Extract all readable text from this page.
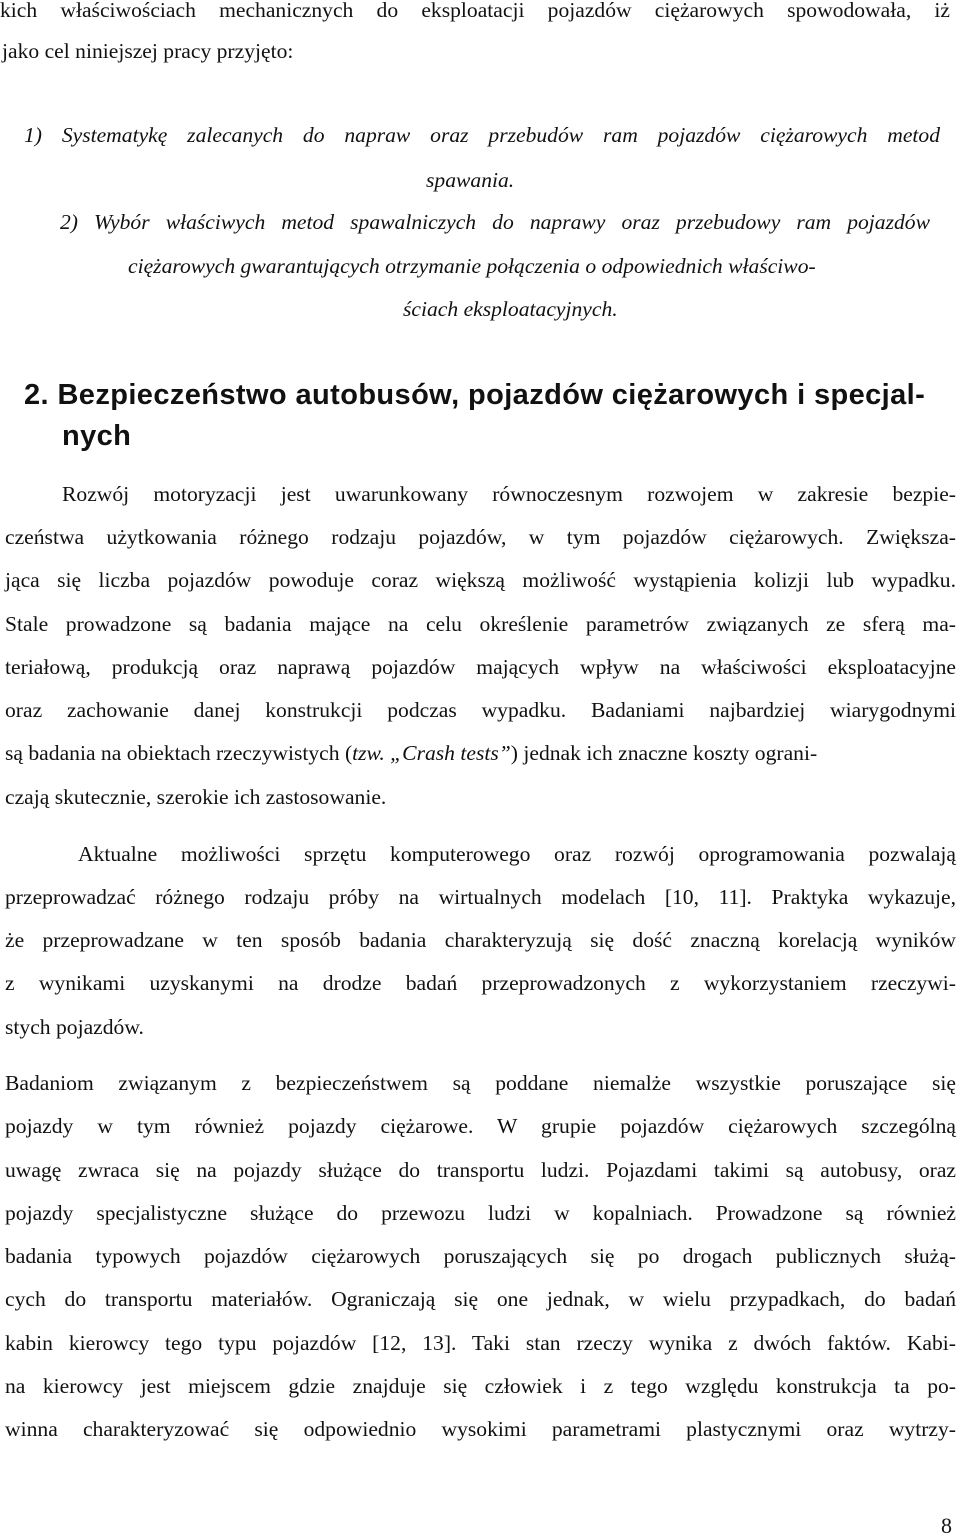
kich właściwościach mechanicznych do eksploatacji pojazdów ciężarowych spowodowała, iż
jako cel niniejszej pracy przyjęto:
1) Systematykę zalecanych do napraw oraz przebudów ram pojazdów ciężarowych metod
spawania.
2) Wybór właściwych metod spawalniczych do naprawy oraz przebudowy ram pojazdów
ciężarowych gwarantujących otrzymanie połączenia o odpowiednich właściwo-
ściach eksploatacyjnych.
2. Bezpieczeństwo autobusów, pojazdów ciężarowych i specjal-
nych
Rozwój motoryzacji jest uwarunkowany równoczesnym rozwojem w zakresie bezpie-
czeństwa użytkowania różnego rodzaju pojazdów, w tym pojazdów ciężarowych. Zwiększa-
jąca się liczba pojazdów powoduje coraz większą możliwość wystąpienia kolizji lub wypadku.
Stale prowadzone są badania mające na celu określenie parametrów związanych ze sferą ma-
teriałową, produkcją oraz naprawą pojazdów mających wpływ na właściwości eksploatacyjne
oraz zachowanie danej konstrukcji podczas wypadku. Badaniami najbardziej wiarygodnymi
są badania na obiektach rzeczywistych (tzw. „Crash tests”) jednak ich znaczne koszty ograni-
czają skutecznie, szerokie ich zastosowanie.
Aktualne możliwości sprzętu komputerowego oraz rozwój oprogramowania pozwalają
przeprowadzać różnego rodzaju próby na wirtualnych modelach [10, 11]. Praktyka wykazuje,
że przeprowadzane w ten sposób badania charakteryzują się dość znaczną korelacją wyników
z wynikami uzyskanymi na drodze badań przeprowadzonych z wykorzystaniem rzeczywi-
stych pojazdów.
Badaniom związanym z bezpieczeństwem są poddane niemalże wszystkie poruszające się
pojazdy w tym również pojazdy ciężarowe. W grupie pojazdów ciężarowych szczególną
uwagę zwraca się na pojazdy służące do transportu ludzi. Pojazdami takimi są autobusy, oraz
pojazdy specjalistyczne służące do przewozu ludzi w kopalniach. Prowadzone są również
badania typowych pojazdów ciężarowych poruszających się po drogach publicznych służą-
cych do transportu materiałów. Ograniczają się one jednak, w wielu przypadkach, do badań
kabin kierowcy tego typu pojazdów [12, 13]. Taki stan rzeczy wynika z dwóch faktów. Kabi-
na kierowcy jest miejscem gdzie znajduje się człowiek i z tego względu konstrukcja ta po-
winna charakteryzować się odpowiednio wysokimi parametrami plastycznymi oraz wytrzy-
8
